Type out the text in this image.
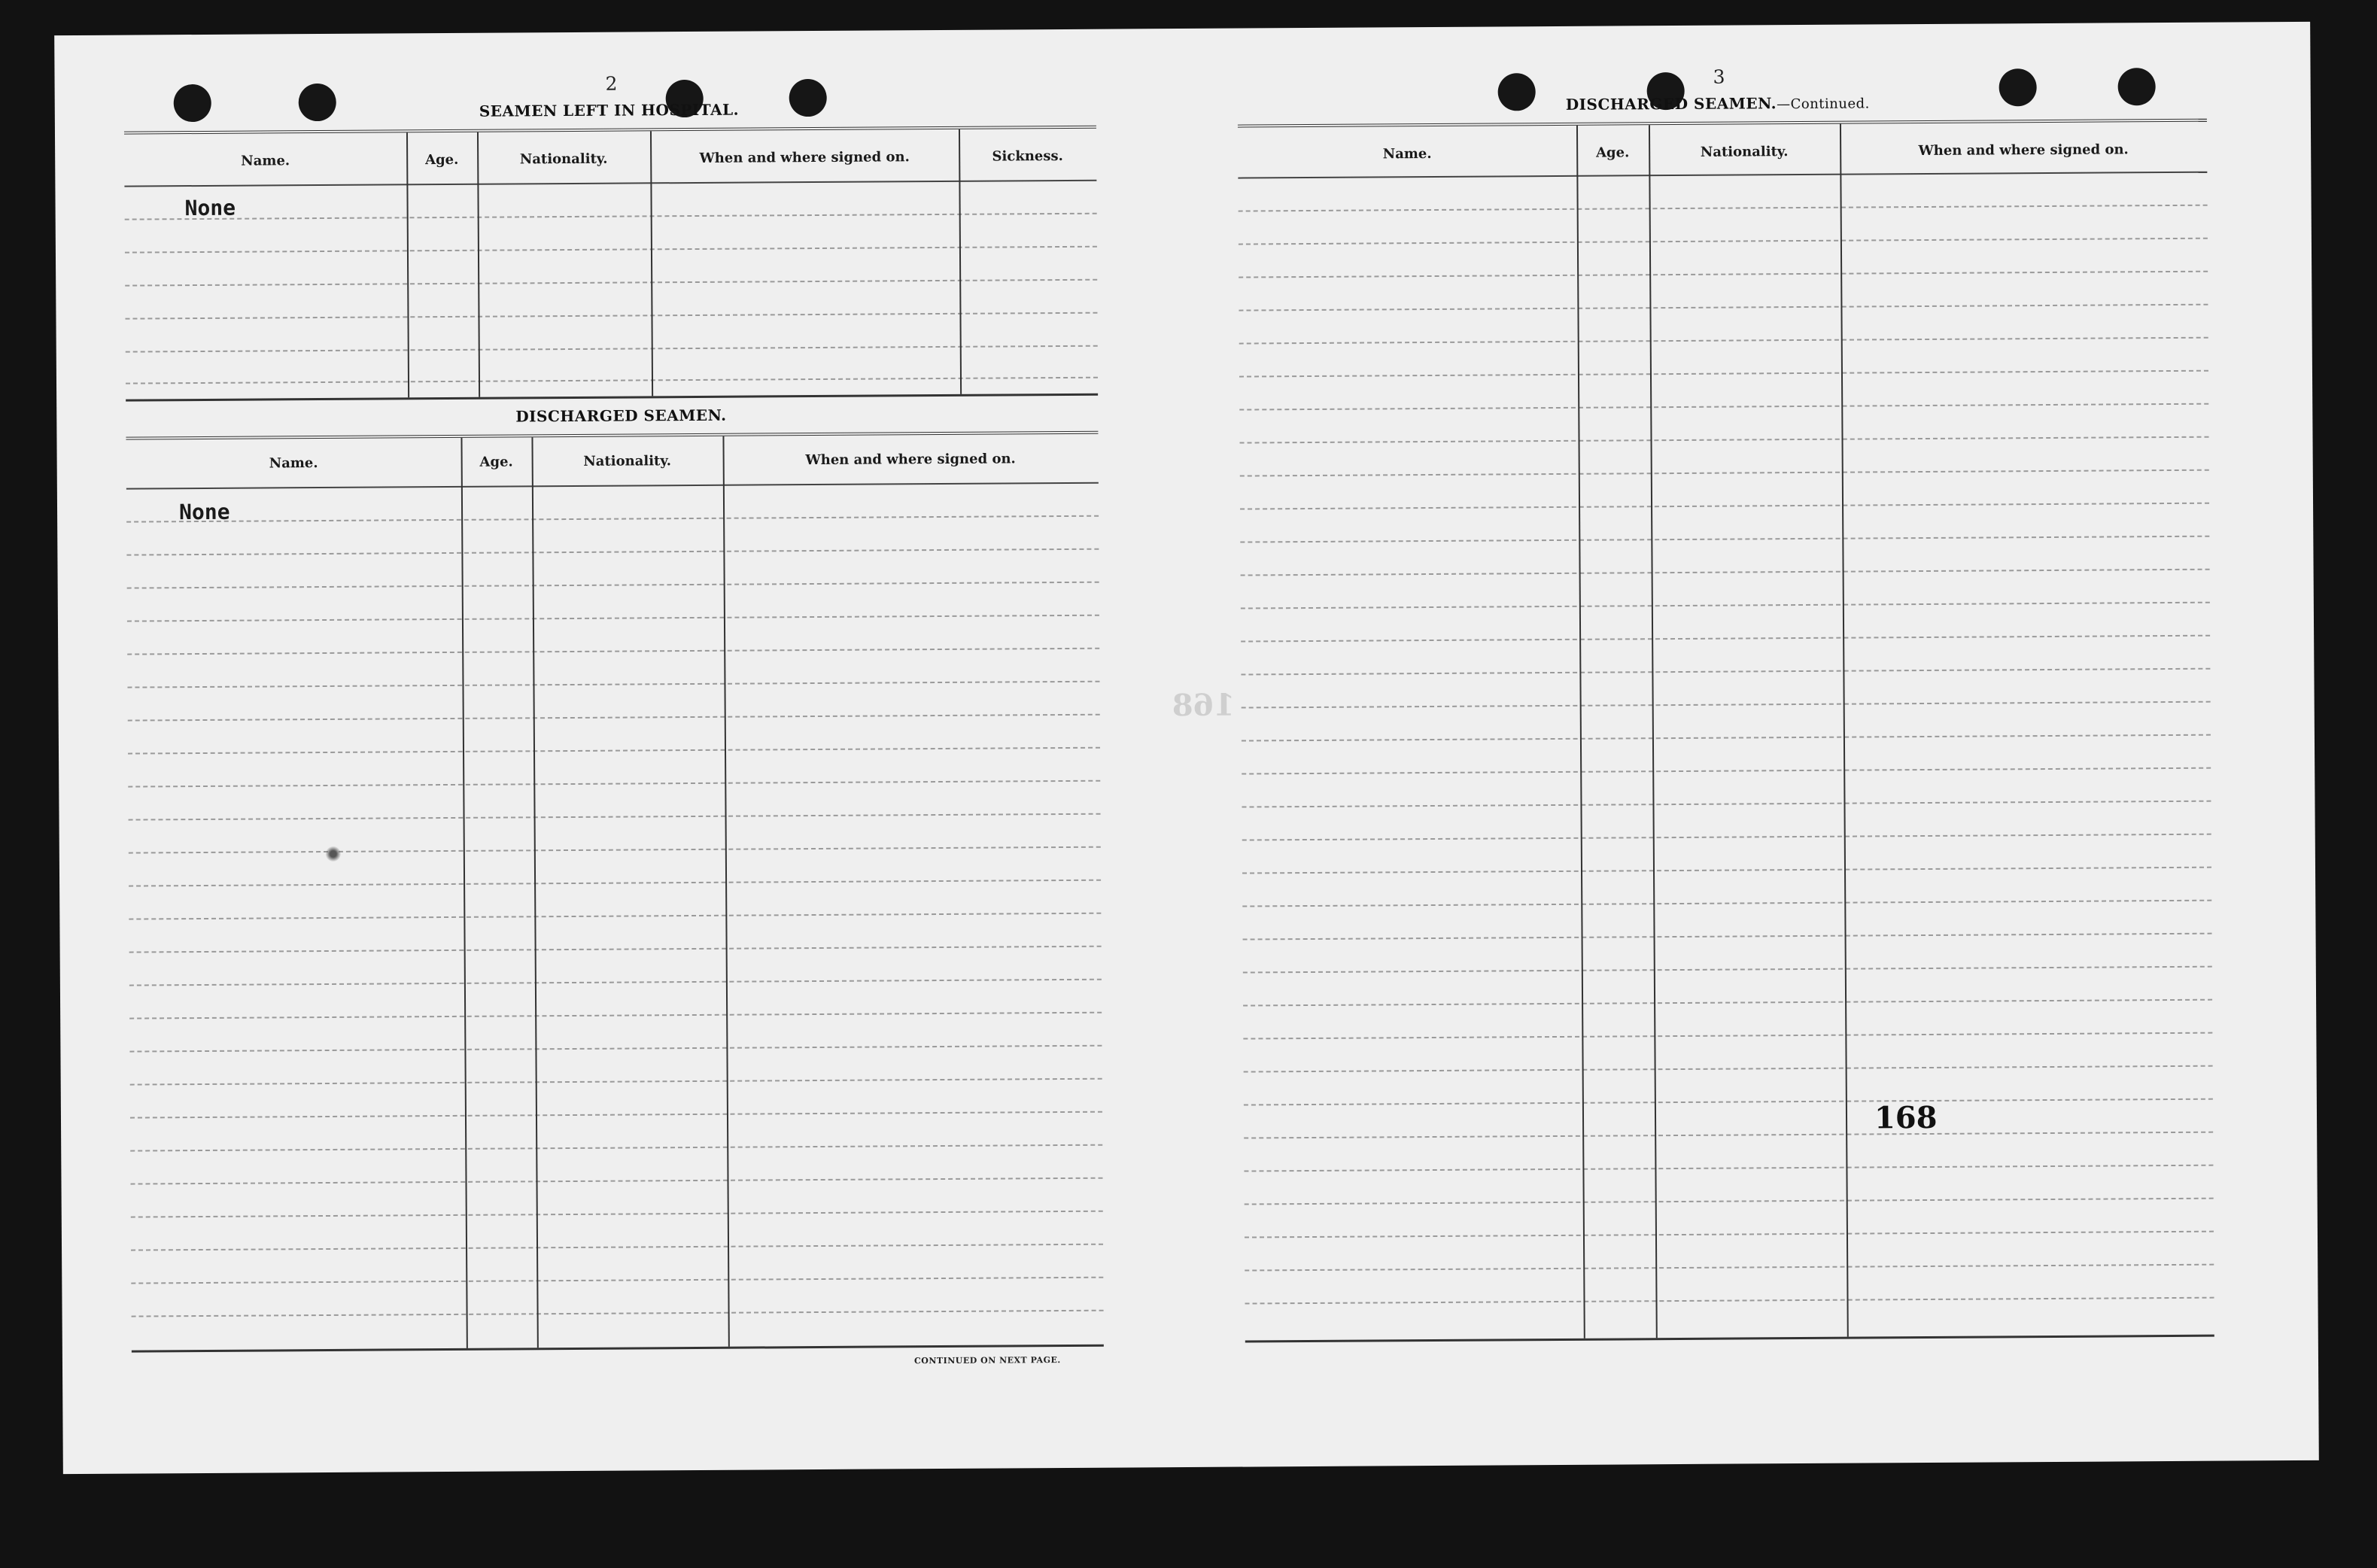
2
SEAMEN LEFT IN HOSPITAL.
Name.	Age.	Nationality.	When and where signed on.	Sickness.
None
DISCHARGED SEAMEN.
Name.	Age.	Nationality.	When and where signed on.
None
CONTINUED ON NEXT PAGE.
168
3
DISCHARGED SEAMEN.—Continued.
Name.	Age.	Nationality.	When and where signed on.
168
